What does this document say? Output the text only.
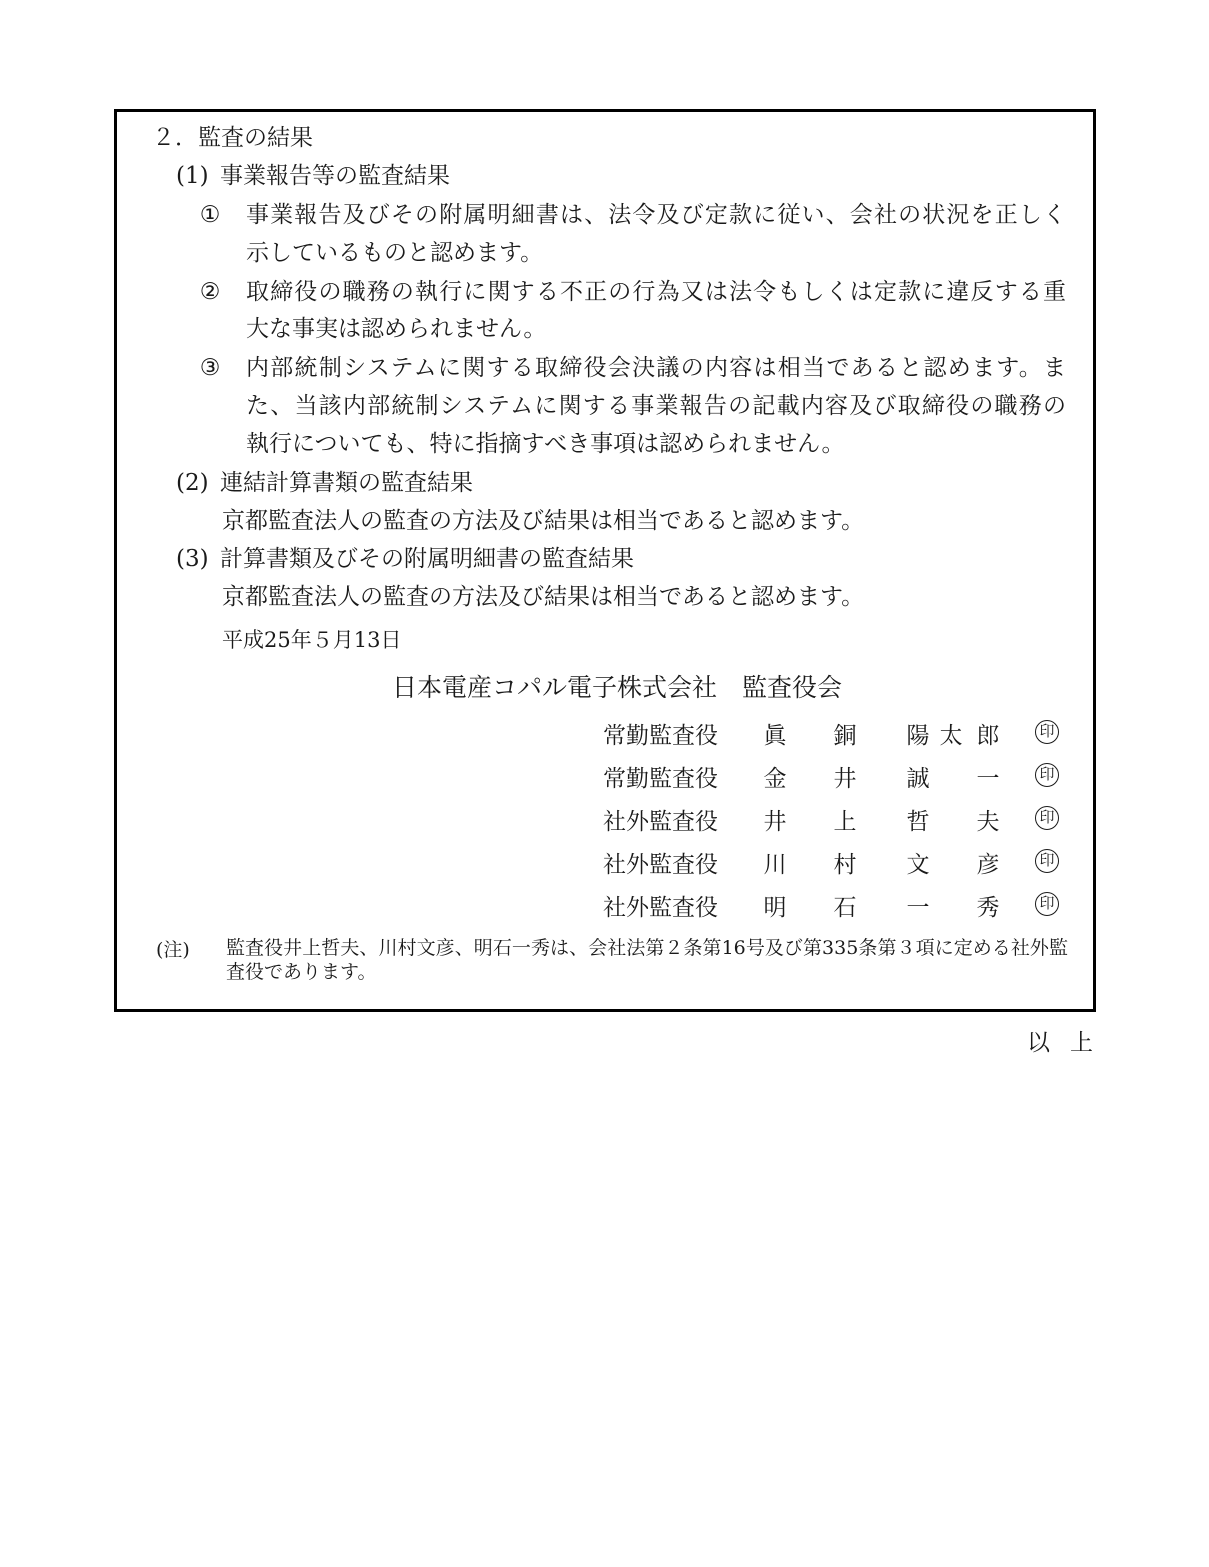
２．監査の結果
(1) 事業報告等の監査結果
① 事業報告及びその附属明細書は、法令及び定款に従い、会社の状況を正しく
示しているものと認めます。
② 取締役の職務の執行に関する不正の行為又は法令もしくは定款に違反する重
大な事実は認められません。
③ 内部統制システムに関する取締役会決議の内容は相当であると認めます。ま
た、当該内部統制システムに関する事業報告の記載内容及び取締役の職務の
執行についても、特に指摘すべき事項は認められません。
(2) 連結計算書類の監査結果
京都監査法人の監査の方法及び結果は相当であると認めます。
(3) 計算書類及びその附属明細書の監査結果
京都監査法人の監査の方法及び結果は相当であると認めます。
平成25年５月13日
日本電産コパル電子株式会社　監査役会
常勤監査役 眞 銅 陽 太 郎	印
常勤監査役 金 井 誠 一	印
社外監査役 井 上 哲 夫	印
社外監査役 川 村 文 彦	印
社外監査役 明 石 一 秀	印
(注) 監査役井上哲夫、川村文彦、明石一秀は、会社法第２条第16号及び第335条第３項に定める社外監査役であります。
以上
